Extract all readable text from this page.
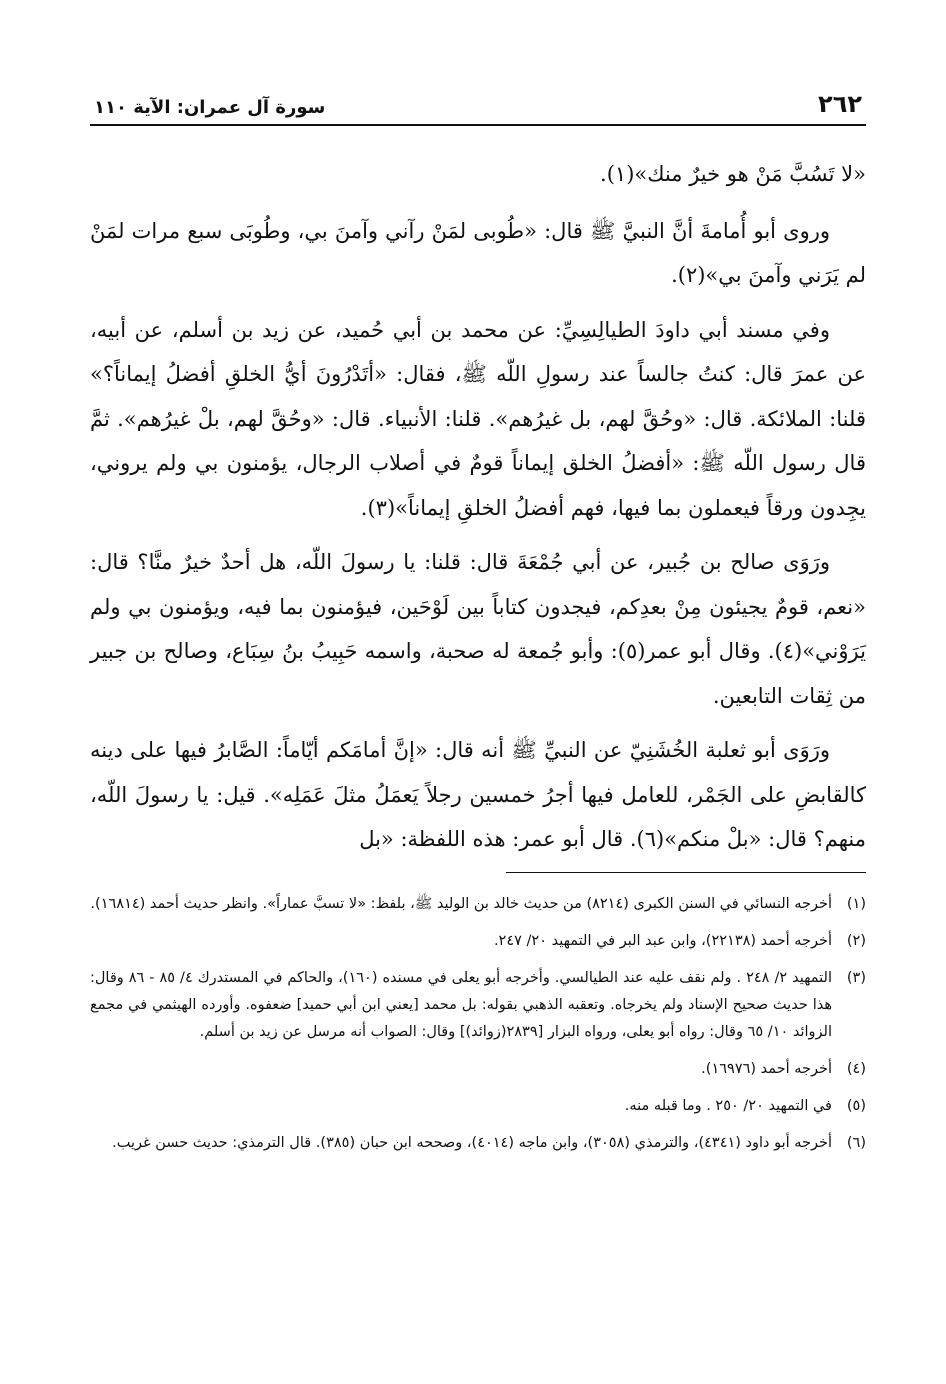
٢٦٢
سورة آل عمران: الآية ١١٠

«لا تَسُبَّ مَنْ هو خيرٌ منك»(١).

وروى أبو أُمامةَ أنَّ النبيَّ ﷺ قال: «طُوبى لمَنْ رآني وآمنَ بي، وطُوبَى سبع مرات لمَنْ لم يَرَني وآمنَ بي»(٢).

وفي مسند أبي داودَ الطيالِسِيِّ: عن محمد بن أبي حُميد، عن زيد بن أسلم، عن أبيه، عن عمرَ قال: كنتُ جالساً عند رسولِ اللّه ﷺ، فقال: «أتَدْرُونَ أيُّ الخلقِ أفضلُ إيماناً؟» قلنا: الملائكة. قال: «وحُقَّ لهم، بل غيرُهم». قلنا: الأنبياء. قال: «وحُقَّ لهم، بلْ غيرُهم». ثمَّ قال رسول اللّه ﷺ: «أفضلُ الخلق إيماناً قومٌ في أصلاب الرجال، يؤمنون بي ولم يروني، يجِدون ورقاً فيعملون بما فيها، فهم أفضلُ الخلقِ إيماناً»(٣).

ورَوَى صالح بن جُبير، عن أبي جُمْعَةَ قال: قلنا: يا رسولَ اللّه، هل أحدٌ خيرٌ منَّا؟ قال: «نعم، قومٌ يجيئون مِنْ بعدِكم، فيجدون كتاباً بين لَوْحَين، فيؤمنون بما فيه، ويؤمنون بي ولم يَرَوْني»(٤). وقال أبو عمر(٥): وأبو جُمعة له صحبة، واسمه حَبِيبُ بنُ سِبَاع، وصالح بن جبير من ثِقات التابعين.

ورَوَى أبو ثعلبة الخُشَنِيّ عن النبيِّ ﷺ أنه قال: «إنَّ أمامَكم أيّاماً: الصَّابرُ فيها على دينه كالقابضِ على الجَمْر، للعامل فيها أجرُ خمسين رجلاً يَعمَلُ مثلَ عَمَلِه». قيل: يا رسولَ اللّه، منهم؟ قال: «بلْ منكم»(٦). قال أبو عمر: هذه اللفظة: «بل

(١)
أخرجه النسائي في السنن الكبرى (٨٢١٤) من حديث خالد بن الوليد ﷺ، بلفظ: «لا تسبَّ عماراً». وانظر حديث أحمد (١٦٨١٤).
(٢)
أخرجه أحمد (٢٢١٣٨)، وابن عبد البر في التمهيد ٢٠/ ٢٤٧.
(٣)
التمهيد ٢/ ٢٤٨ . ولم نقف عليه عند الطيالسي. وأخرجه أبو يعلى في مسنده (١٦٠)، والحاكم في المستدرك ٤/ ٨٥ - ٨٦ وقال: هذا حديث صحيح الإسناد ولم يخرجاه. وتعقبه الذهبي بقوله: بل محمد [يعني ابن أبي حميد] ضعفوه. وأورده الهيثمي في مجمع الزوائد ١٠/ ٦٥ وقال: رواه أبو يعلى، ورواه البزار [٢٨٣٩(زوائد)] وقال: الصواب أنه مرسل عن زيد بن أسلم.
(٤)
أخرجه أحمد (١٦٩٧٦).
(٥)
في التمهيد ٢٠/ ٢٥٠ . وما قبله منه.
(٦)
أخرجه أبو داود (٤٣٤١)، والترمذي (٣٠٥٨)، وابن ماجه (٤٠١٤)، وصححه ابن حبان (٣٨٥). قال الترمذي: حديث حسن غريب.
